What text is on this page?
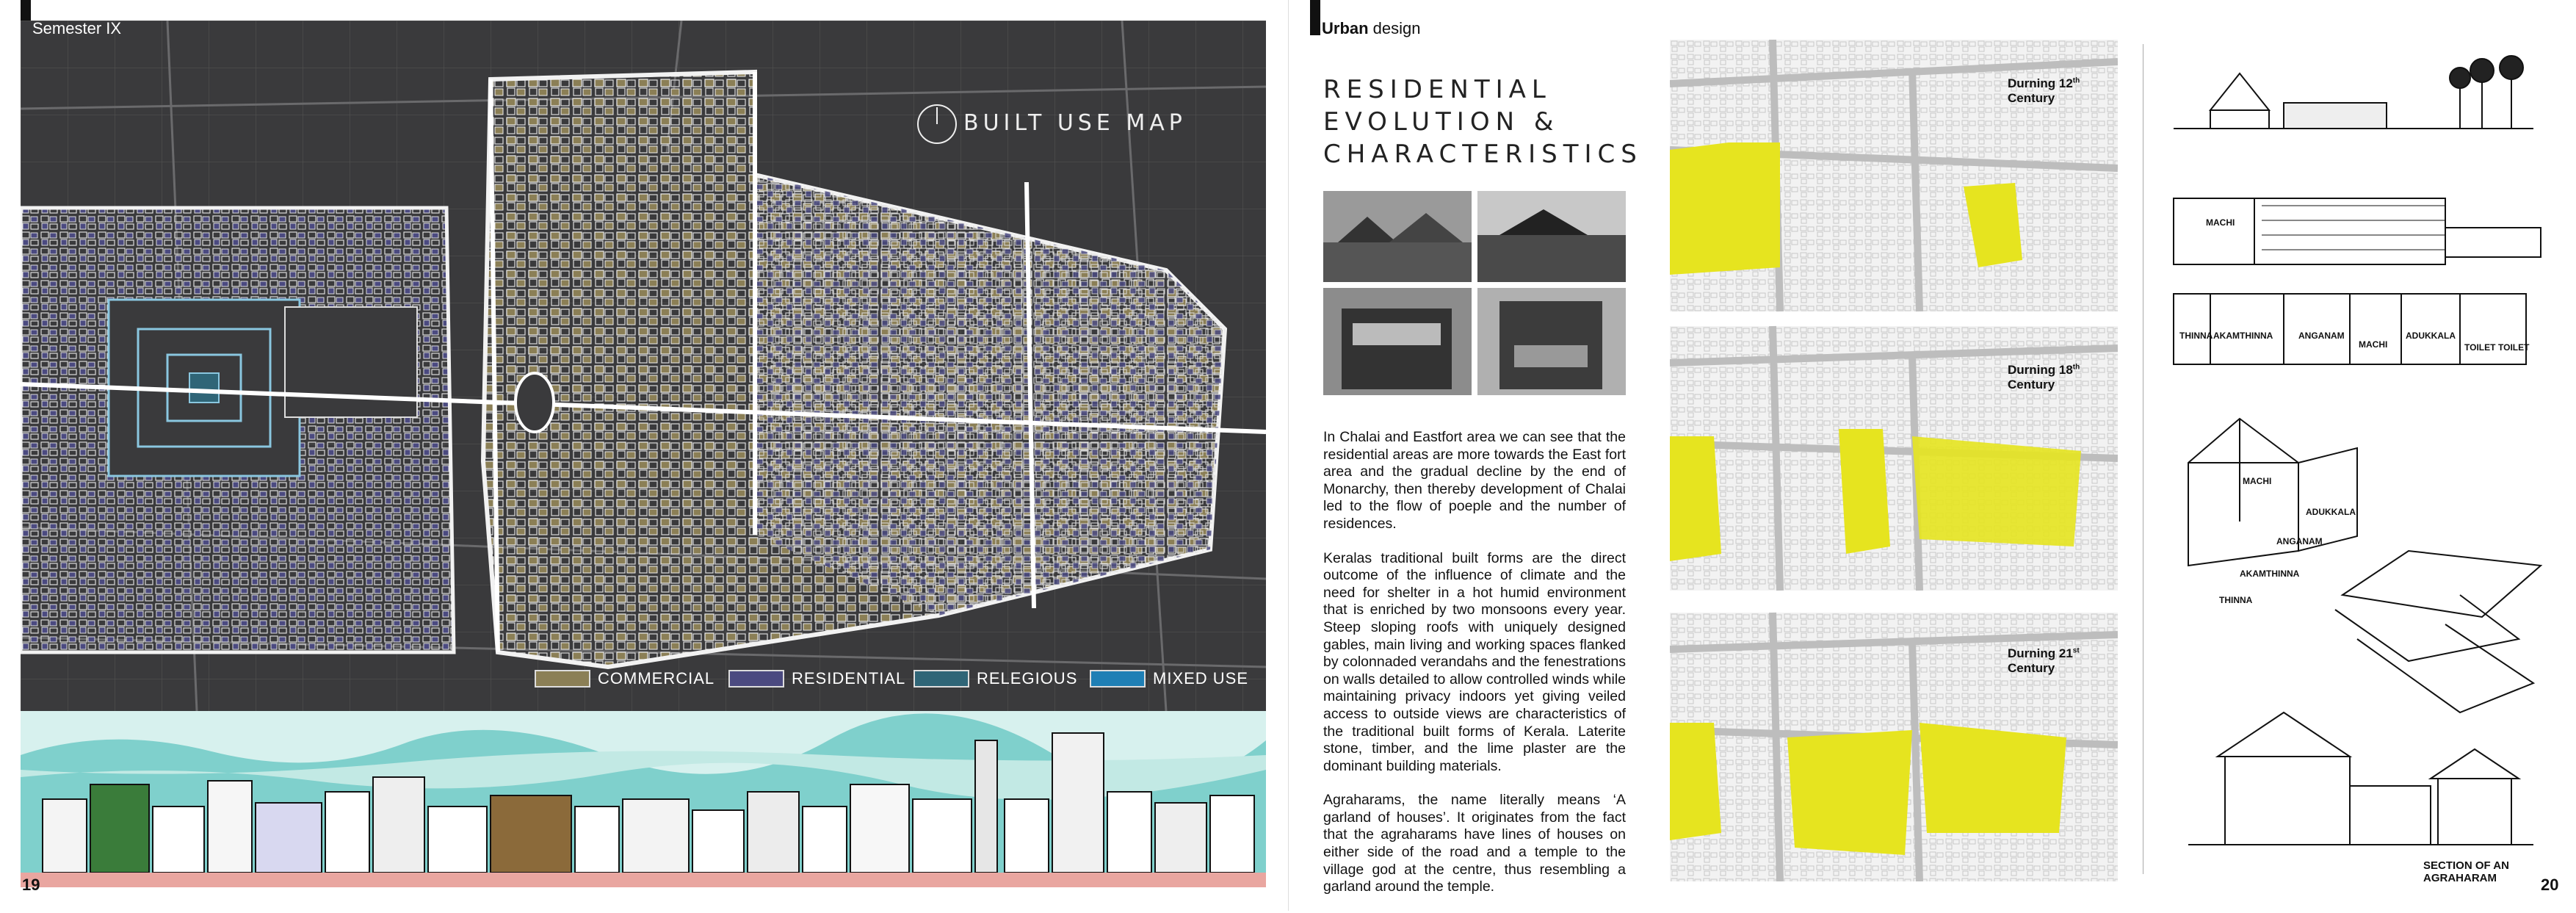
Semester IX
BUILT USE MAP
COMMERCIAL	RESIDENTIAL	RELEGIOUS	MIXED USE
19
Urban design
RESIDENTIAL
EVOLUTION &
CHARACTERISTICS

In Chalai and Eastfort area we can see that the residential areas are more towards the East fort area and the gradual decline by the end of Monarchy, then thereby development of Chalai led to the flow of poeple and the number of residences.

Keralas traditional built forms are the direct outcome of the influence of climate and the need for shelter in a hot humid environment that is enriched by two monsoons every year. Steep sloping roofs with uniquely designed gables, main living and working spaces flanked by colonnaded verandahs and the fenestrations on walls detailed to allow controlled winds while maintaining privacy indoors yet giving veiled access to outside views are characteristics of the traditional built forms of Kerala. Laterite stone, timber, and the lime plaster are the dominant building materials.

Agraharams, the name literally means ‘A garland of houses’. It originates from the fact that the agraharams have lines of houses on either side of the road and a temple to the village god at the centre, thus resembling a garland around the temple.

Durning 12th Century
Durning 18th Century
Durning 21st Century
MACHI
THINNA AKAMTHINNA	ANGANAM
MACHI
ADUKKALA
TOILET TOILET
MACHI
ADUKKALA
ANGANAM
AKAMTHINNA
THINNA
SECTION OF AN AGRAHARAM	20
